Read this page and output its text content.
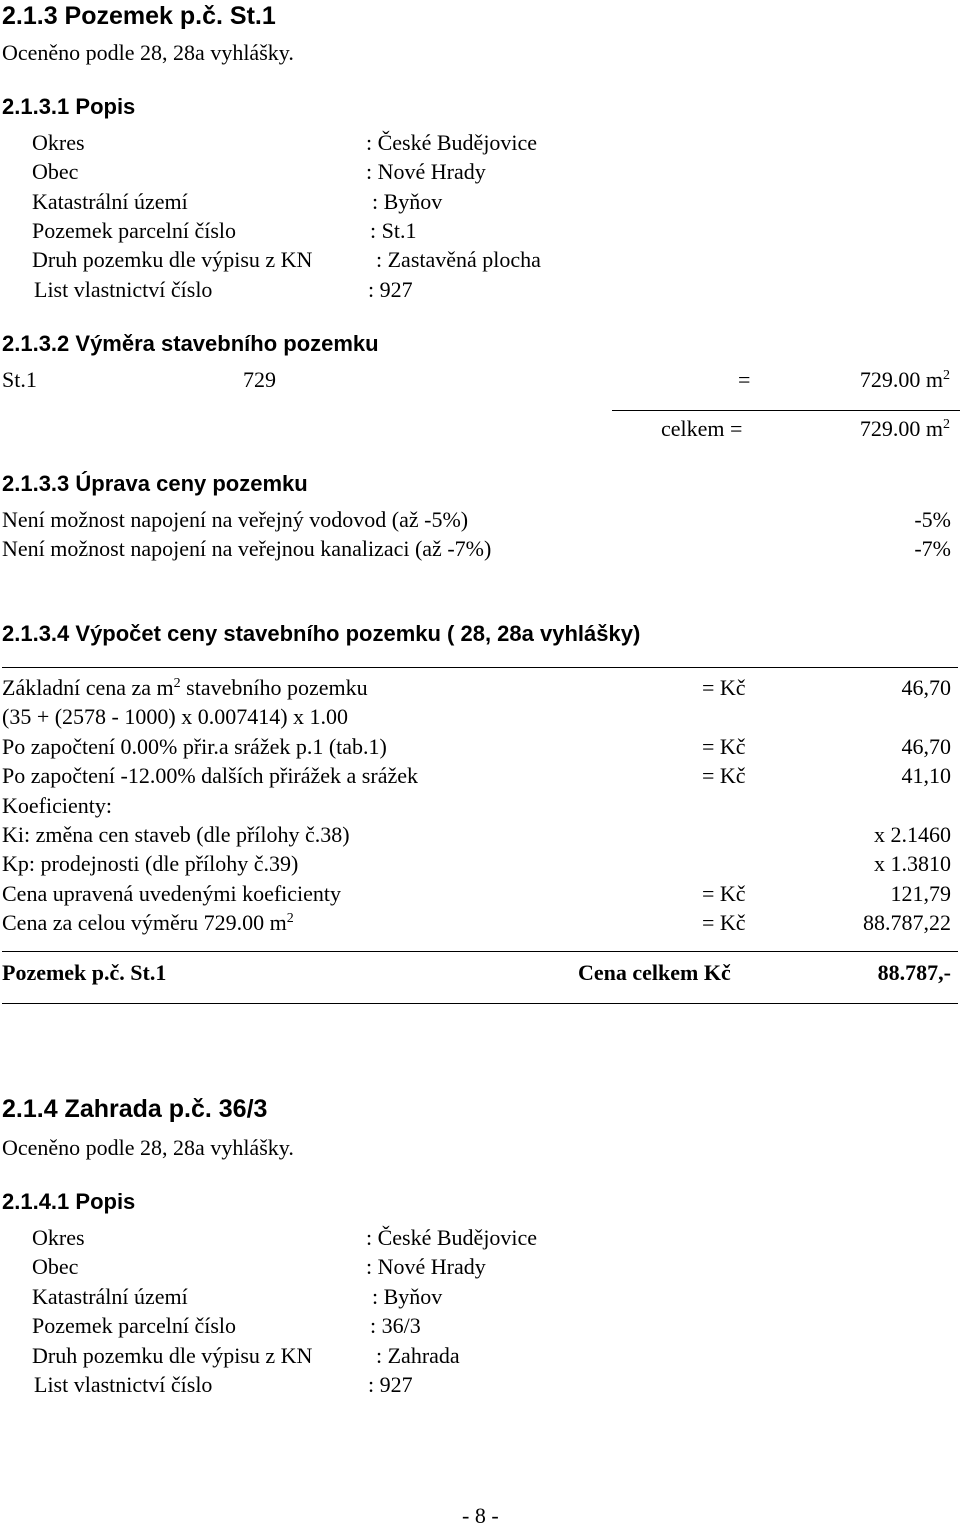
2.1.3 Pozemek p.č. St.1
Oceněno podle 28, 28a vyhlášky.
2.1.3.1 Popis
Okres	: České Budějovice
Obec	: Nové Hrady
Katastrální území	: Byňov
Pozemek parcelní číslo	: St.1
Druh pozemku dle výpisu z KN	: Zastavěná plocha
List vlastnictví číslo	: 927
2.1.3.2 Výměra stavebního pozemku
St.1	729	=	729.00 $m^2$
celkem =	729.00 $m^2$
2.1.3.3 Úprava ceny pozemku
Není možnost napojení na veřejný vodovod (až -5%)	-5%
Není možnost napojení na veřejnou kanalizaci (až -7%)	-7%
2.1.3.4 Výpočet ceny stavebního pozemku ( 28, 28a vyhlášky)
Základní cena za $m^2$ stavebního pozemku	= Kč	46,70
(35 + (2578 - 1000) x 0.007414) x 1.00
Po započtení 0.00% přir.a srážek p.1 (tab.1)	= Kč	46,70
Po započtení -12.00% dalších přirážek a srážek	= Kč	41,10
Koeficienty:
Ki: změna cen staveb (dle přílohy č.38)	x 2.1460
Kp: prodejnosti (dle přílohy č.39)	x 1.3810
Cena upravená uvedenými koeficienty	= Kč	121,79
Cena za celou výměru 729.00 $m^2$	= Kč	88.787,22
Pozemek p.č. St.1	Cena celkem Kč	88.787,-
2.1.4 Zahrada p.č. 36/3
Oceněno podle 28, 28a vyhlášky.
2.1.4.1 Popis
Okres	: České Budějovice
Obec	: Nové Hrady
Katastrální území	: Byňov
Pozemek parcelní číslo	: 36/3
Druh pozemku dle výpisu z KN	: Zahrada
List vlastnictví číslo	: 927
- 8 -
